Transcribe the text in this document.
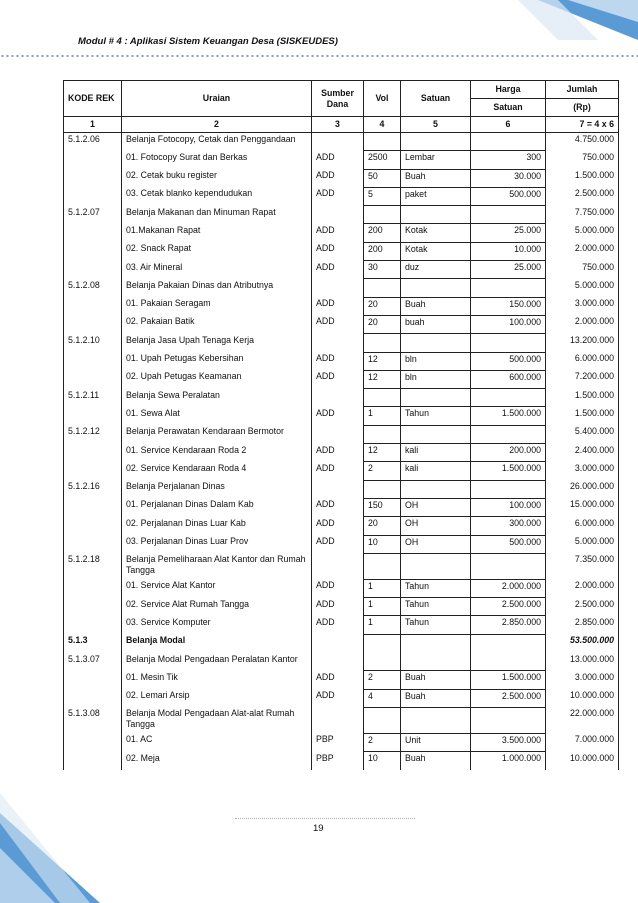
Modul # 4 : Aplikasi Sistem Keuangan Desa (SISKEUDES)
KODE REK	Uraian	Sumber Dana	Vol	Satuan	Harga	Jumlah
					Satuan	(Rp)
1	2	3	4	5	6	7 = 4 x 6
5.1.2.06	Belanja Fotocopy, Cetak dan Penggandaan					4.750.000
	01. Fotocopy Surat dan Berkas	ADD	2500	Lembar	300	750.000
	02. Cetak buku register	ADD	50	Buah	30.000	1.500.000
	03. Cetak blanko kependudukan	ADD	5	paket	500.000	2.500.000
5.1.2.07	Belanja Makanan dan Minuman Rapat					7.750.000
	01.Makanan Rapat	ADD	200	Kotak	25.000	5.000.000
	02. Snack Rapat	ADD	200	Kotak	10.000	2.000.000
	03. Air Mineral	ADD	30	duz	25.000	750.000
5.1.2.08	Belanja Pakaian Dinas dan Atributnya					5.000.000
	01. Pakaian Seragam	ADD	20	Buah	150.000	3.000.000
	02. Pakaian Batik	ADD	20	buah	100.000	2.000.000
5.1.2.10	Belanja Jasa Upah Tenaga Kerja					13.200.000
	01. Upah Petugas Kebersihan	ADD	12	bln	500.000	6.000.000
	02. Upah Petugas Keamanan	ADD	12	bln	600.000	7.200.000
5.1.2.11	Belanja Sewa Peralatan					1.500.000
	01. Sewa Alat	ADD	1	Tahun	1.500.000	1.500.000
5.1.2.12	Belanja Perawatan Kendaraan Bermotor					5.400.000
	01. Service Kendaraan Roda 2	ADD	12	kali	200.000	2.400.000
	02. Service Kendaraan Roda 4	ADD	2	kali	1.500.000	3.000.000
5.1.2.16	Belanja Perjalanan Dinas					26.000.000
	01. Perjalanan Dinas Dalam Kab	ADD	150	OH	100.000	15.000.000
	02. Perjalanan Dinas Luar Kab	ADD	20	OH	300.000	6.000.000
	03. Perjalanan Dinas Luar Prov	ADD	10	OH	500.000	5.000.000
5.1.2.18	Belanja Pemeliharaan Alat Kantor dan Rumah Tangga					7.350.000
	01. Service Alat Kantor	ADD	1	Tahun	2.000.000	2.000.000
	02. Service Alat Rumah Tangga	ADD	1	Tahun	2.500.000	2.500.000
	03. Service Komputer	ADD	1	Tahun	2.850.000	2.850.000
5.1.3	Belanja Modal					53.500.000
5.1.3.07	Belanja Modal Pengadaan Peralatan Kantor					13.000.000
	01. Mesin Tik	ADD	2	Buah	1.500.000	3.000.000
	02. Lemari Arsip	ADD	4	Buah	2.500.000	10.000.000
5.1.3.08	Belanja Modal Pengadaan Alat-alat Rumah Tangga					22.000.000
	01. AC	PBP	2	Unit	3.500.000	7.000.000
	02. Meja	PBP	10	Buah	1.000.000	10.000.000
19
